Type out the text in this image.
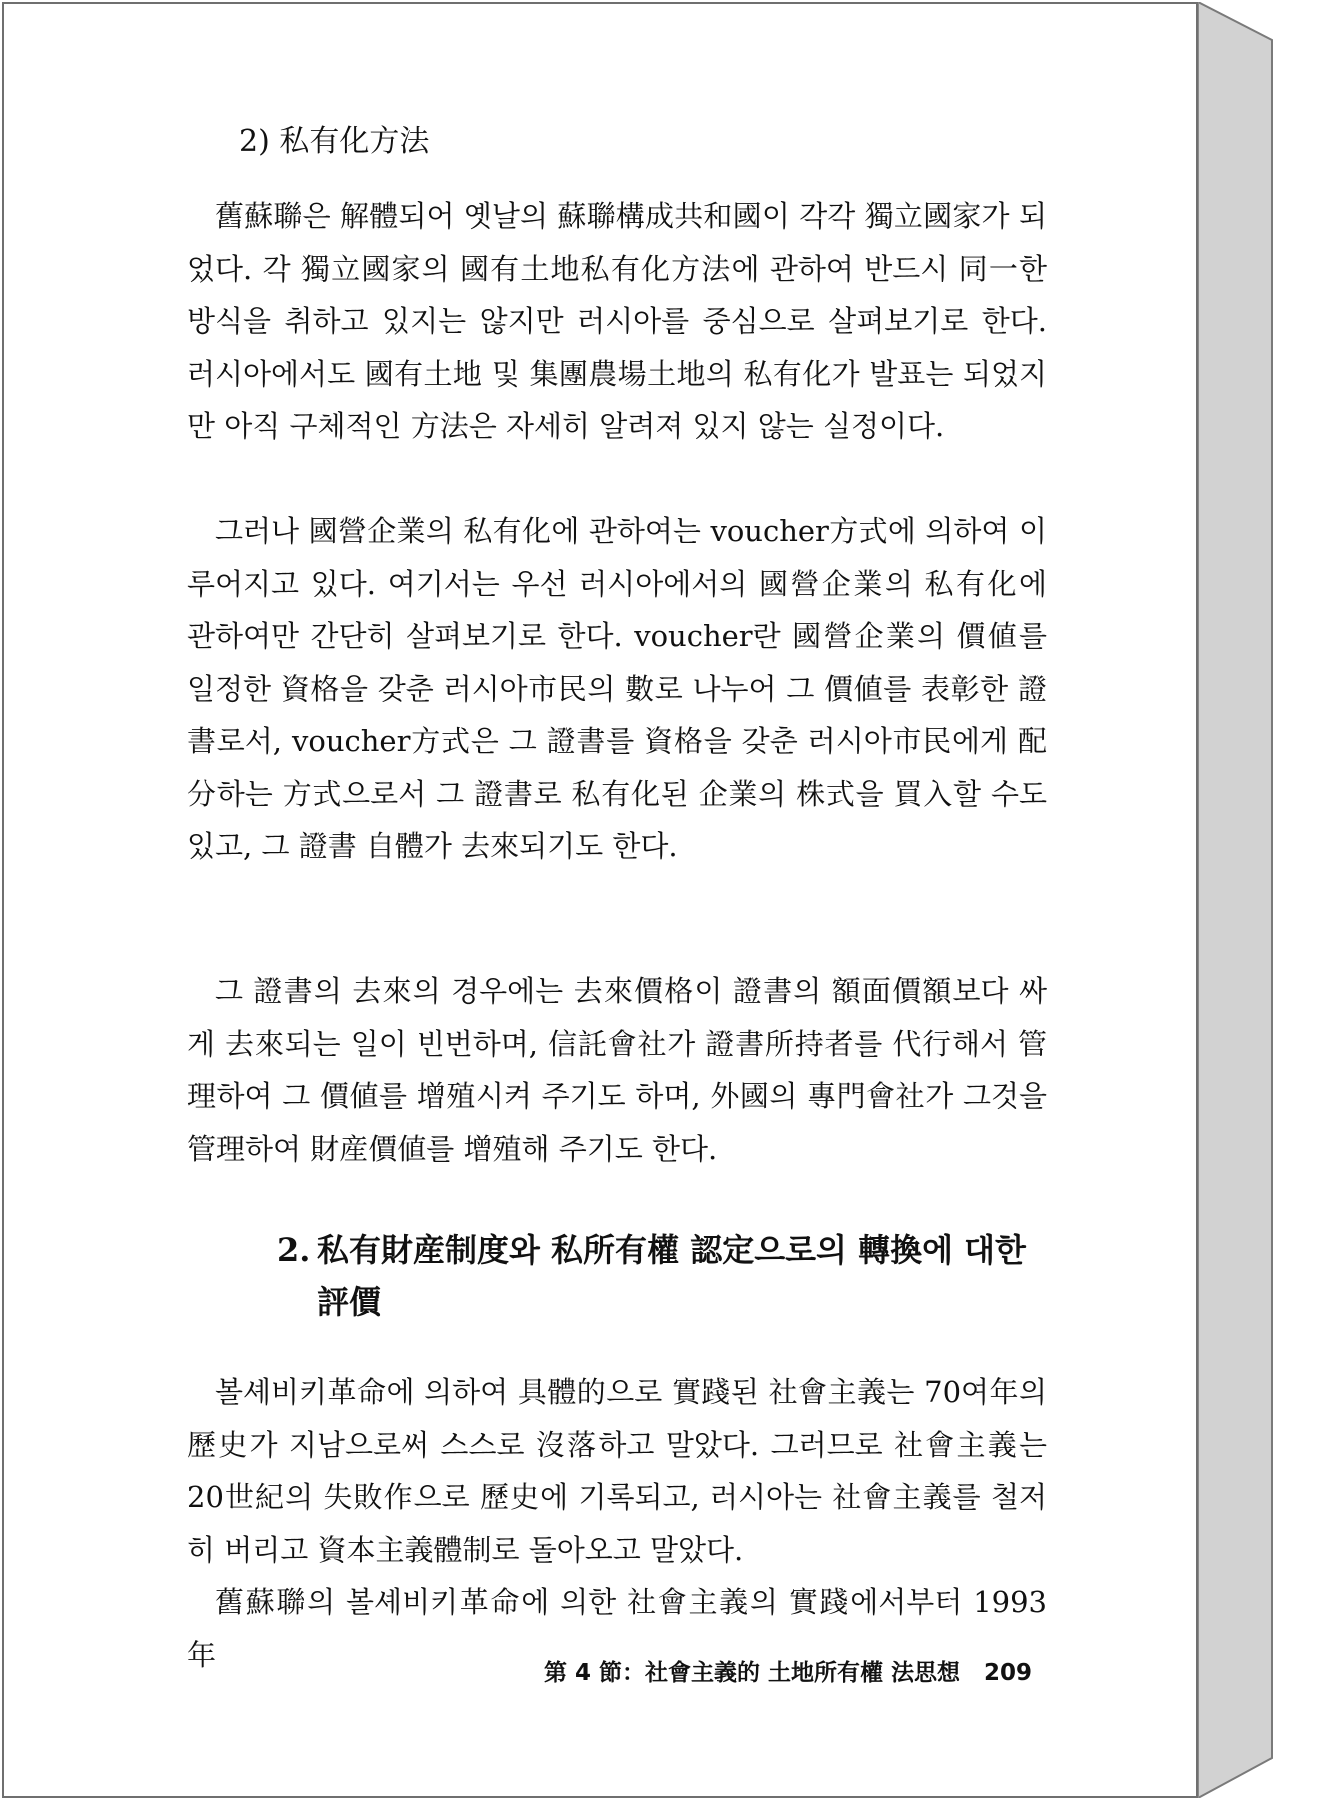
2) 私有化方法

舊蘇聯은 解體되어 옛날의 蘇聯構成共和國이 각각 獨立國家가 되었다. 각 獨立國家의 國有土地私有化方法에 관하여 반드시 同一한 방식을 취하고 있지는 않지만 러시아를 중심으로 살펴보기로 한다. 러시아에서도 國有土地 및 集團農場土地의 私有化가 발표는 되었지만 아직 구체적인 方法은 자세히 알려져 있지 않는 실정이다.

그러나 國營企業의 私有化에 관하여는 voucher方式에 의하여 이루어지고 있다. 여기서는 우선 러시아에서의 國營企業의 私有化에 관하여만 간단히 살펴보기로 한다. voucher란 國營企業의 價値를 일정한 資格을 갖춘 러시아市民의 數로 나누어 그 價値를 表彰한 證書로서, voucher方式은 그 證書를 資格을 갖춘 러시아市民에게 配分하는 方式으로서 그 證書로 私有化된 企業의 株式을 買入할 수도 있고, 그 證書 自體가 去來되기도 한다.

그 證書의 去來의 경우에는 去來價格이 證書의 額面價額보다 싸게 去來되는 일이 빈번하며, 信託會社가 證書所持者를 代行해서 管理하여 그 價値를 增殖시켜 주기도 하며, 外國의 專門會社가 그것을 管理하여 財産價値를 增殖해 주기도 한다.

2. 私有財産制度와 私所有權 認定으로의 轉換에 대한
評價

볼셰비키革命에 의하여 具體的으로 實踐된 社會主義는 70여年의 歷史가 지남으로써 스스로 沒落하고 말았다. 그러므로 社會主義는 20世紀의 失敗作으로 歷史에 기록되고, 러시아는 社會主義를 철저히 버리고 資本主義體制로 돌아오고 말았다.

舊蘇聯의 볼셰비키革命에 의한 社會主義의 實踐에서부터 1993年

第 4 節：社會主義的 土地所有權 法思想 209
